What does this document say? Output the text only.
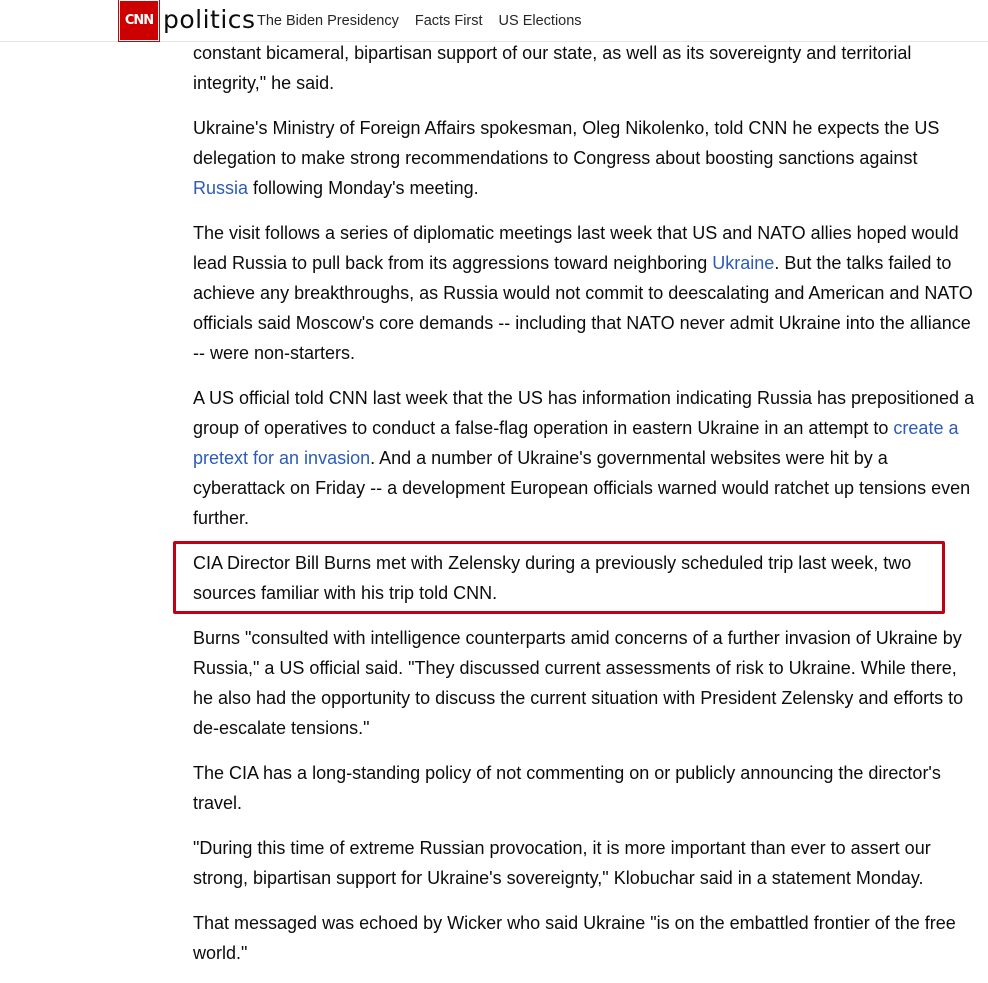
CNN politics The Biden Presidency Facts First US Elections

constant bicameral, bipartisan support of our state, as well as its sovereignty and territorial integrity," he said.

Ukraine's Ministry of Foreign Affairs spokesman, Oleg Nikolenko, told CNN he expects the US delegation to make strong recommendations to Congress about boosting sanctions against Russia following Monday's meeting.

The visit follows a series of diplomatic meetings last week that US and NATO allies hoped would lead Russia to pull back from its aggressions toward neighboring Ukraine. But the talks failed to achieve any breakthroughs, as Russia would not commit to deescalating and American and NATO officials said Moscow's core demands -- including that NATO never admit Ukraine into the alliance -- were non-starters.

A US official told CNN last week that the US has information indicating Russia has prepositioned a group of operatives to conduct a false-flag operation in eastern Ukraine in an attempt to create a pretext for an invasion. And a number of Ukraine's governmental websites were hit by a cyberattack on Friday -- a development European officials warned would ratchet up tensions even further.

CIA Director Bill Burns met with Zelensky during a previously scheduled trip last week, two sources familiar with his trip told CNN.

Burns "consulted with intelligence counterparts amid concerns of a further invasion of Ukraine by Russia," a US official said. "They discussed current assessments of risk to Ukraine. While there, he also had the opportunity to discuss the current situation with President Zelensky and efforts to de-escalate tensions."

The CIA has a long-standing policy of not commenting on or publicly announcing the director's travel.

"During this time of extreme Russian provocation, it is more important than ever to assert our strong, bipartisan support for Ukraine's sovereignty," Klobuchar said in a statement Monday.

That messaged was echoed by Wicker who said Ukraine "is on the embattled frontier of the free world."
